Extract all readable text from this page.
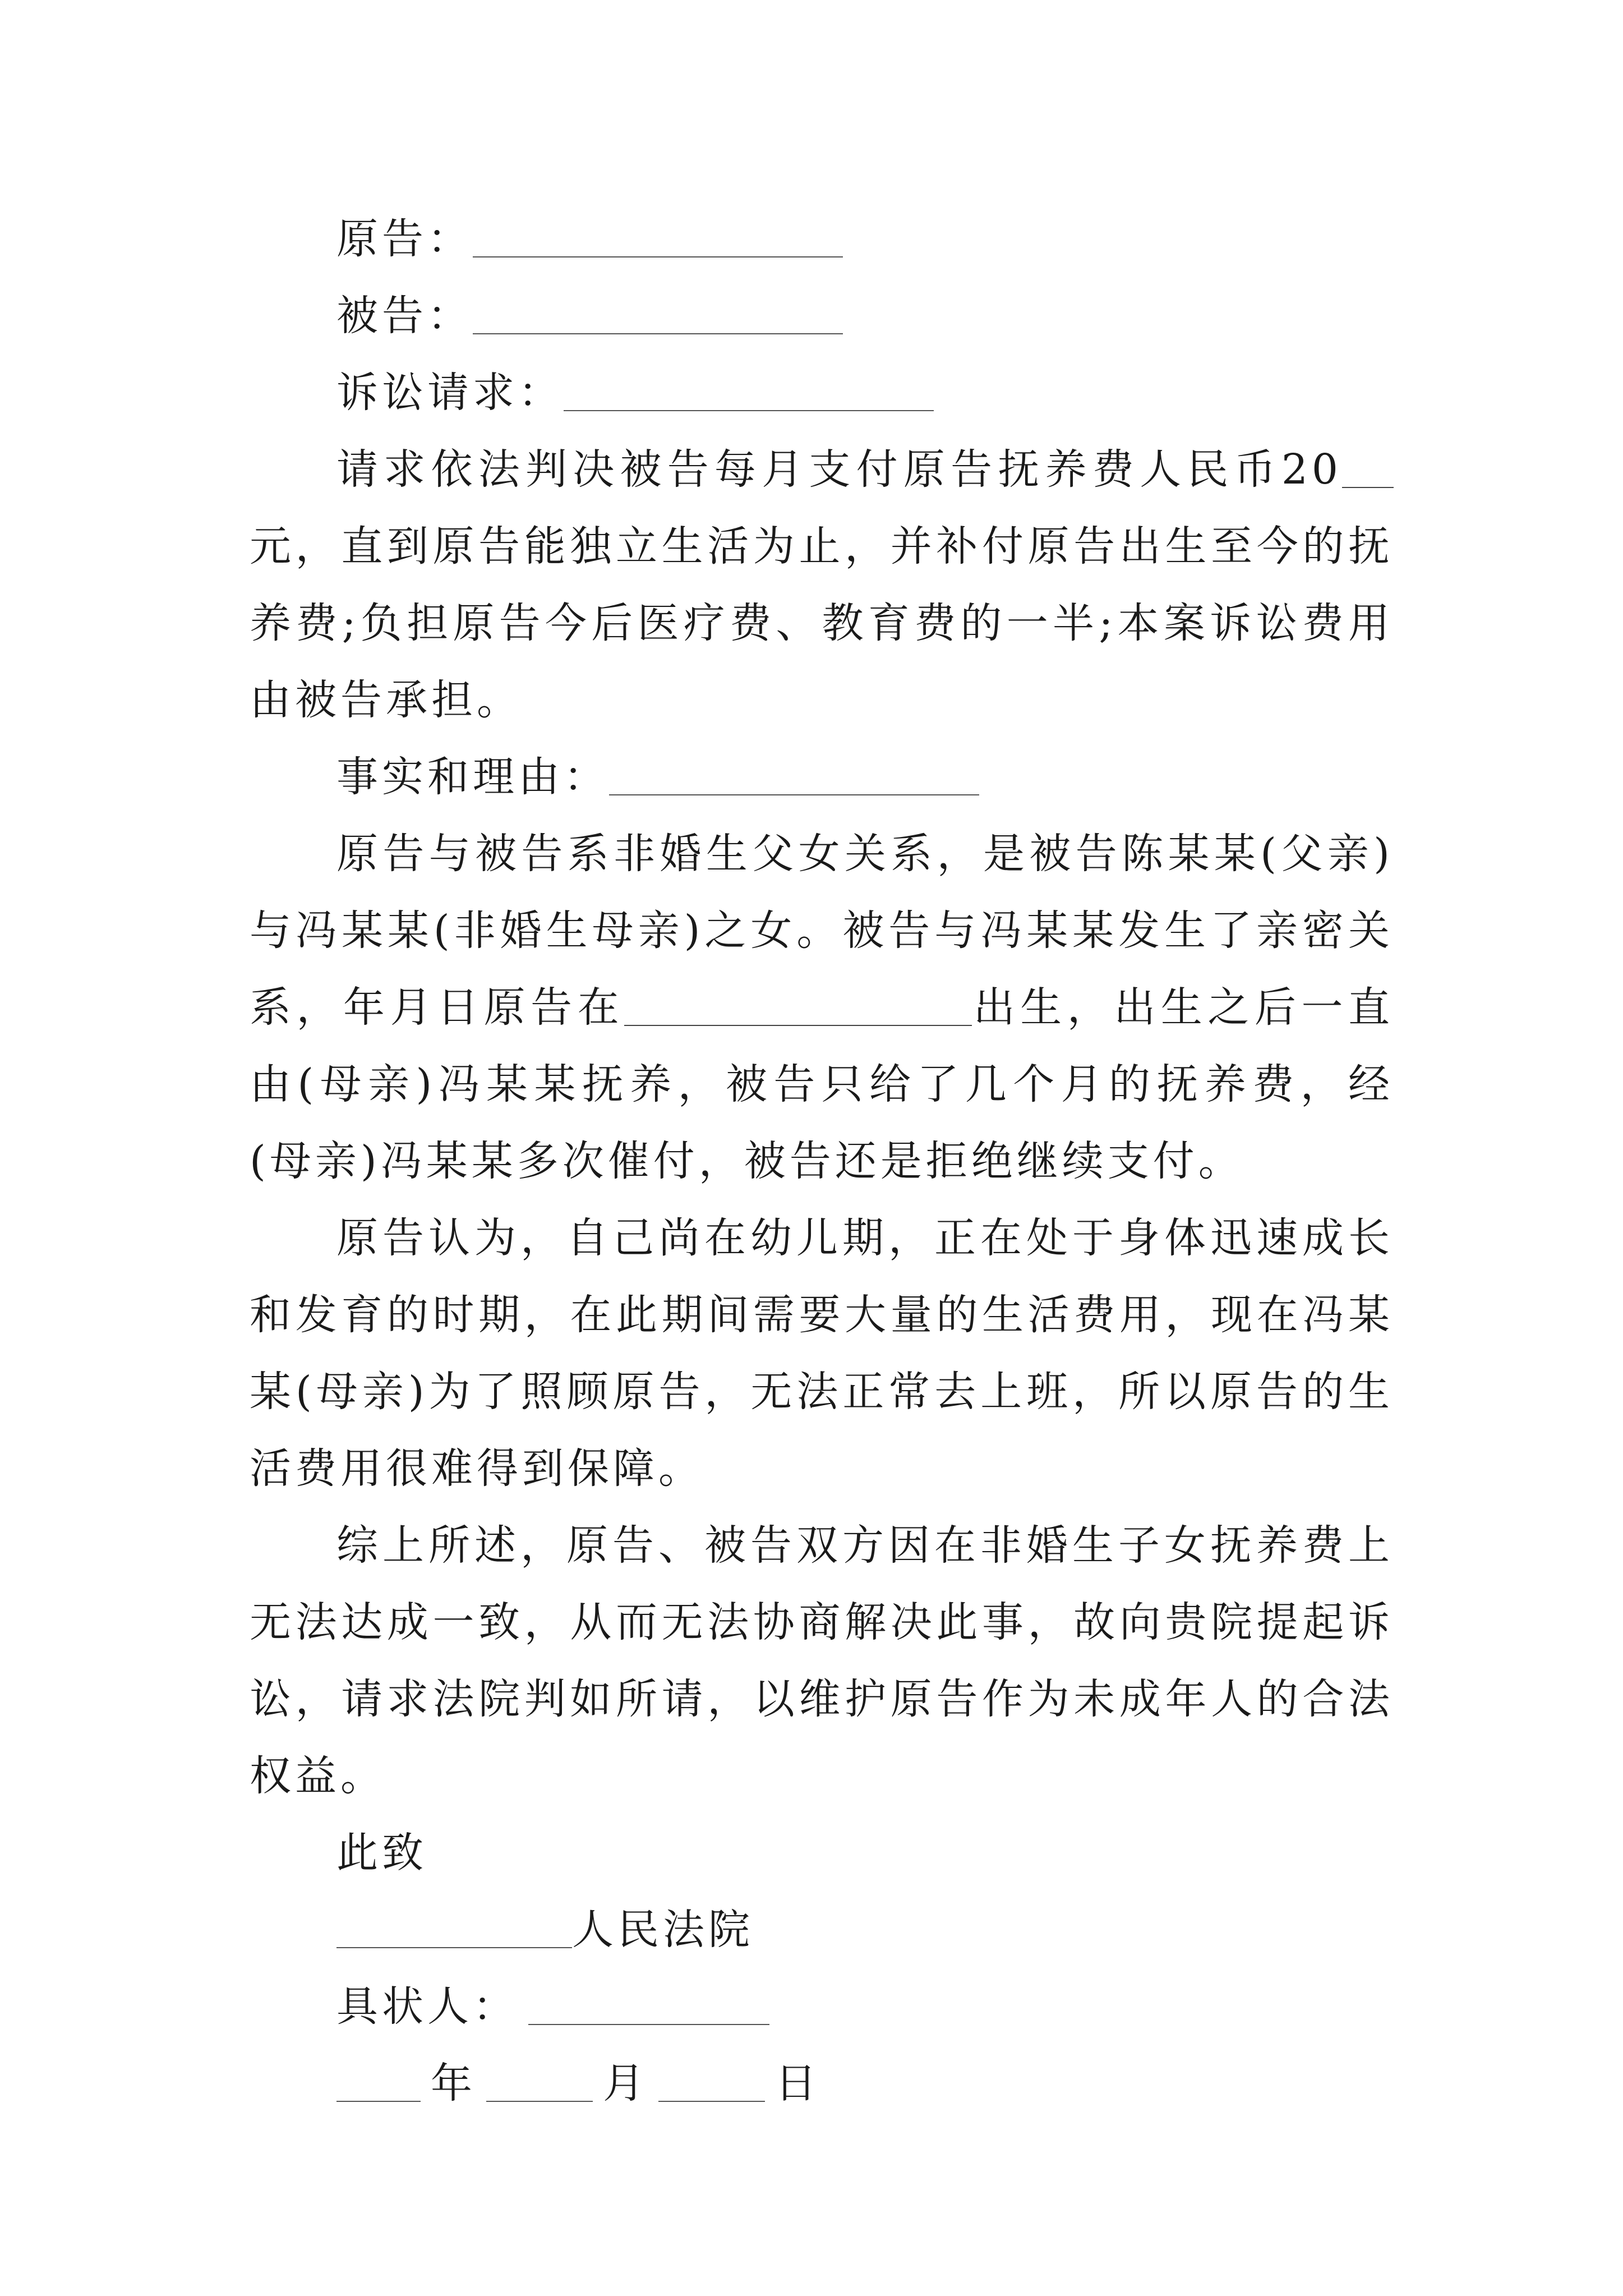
原告：
被告：
诉讼请求：

请求依法判决被告每月支付原告抚养费人民币20元，直到原告能独立生活为止，并补付原告出生至今的抚养费;负担原告今后医疗费、教育费的一半;本案诉讼费用由被告承担。

事实和理由：

原告与被告系非婚生父女关系，是被告陈某某(父亲)与冯某某(非婚生母亲)之女。被告与冯某某发生了亲密关系，年月日原告在	出生，出生之后一直由(母亲)冯某某抚养，被告只给了几个月的抚养费，经(母亲)冯某某多次催付，被告还是拒绝继续支付。

原告认为，自己尚在幼儿期，正在处于身体迅速成长和发育的时期，在此期间需要大量的生活费用，现在冯某某(母亲)为了照顾原告，无法正常去上班，所以原告的生活费用很难得到保障。

综上所述，原告、被告双方因在非婚生子女抚养费上无法达成一致，从而无法协商解决此事，故向贵院提起诉讼，请求法院判如所请，以维护原告作为未成年人的合法权益。

此致
人民法院
具状人：
年	月	日
